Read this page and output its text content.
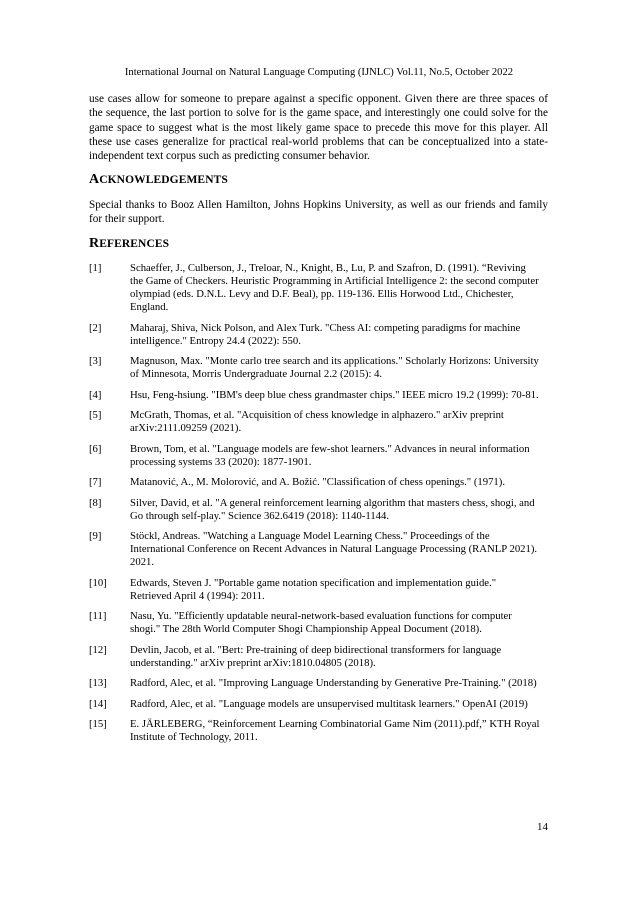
International Journal on Natural Language Computing (IJNLC) Vol.11, No.5, October 2022

use cases allow for someone to prepare against a specific opponent. Given there are three spaces of the sequence, the last portion to solve for is the game space, and interestingly one could solve for the game space to suggest what is the most likely game space to precede this move for this player. All these use cases generalize for practical real-world problems that can be conceptualized into a state-independent text corpus such as predicting consumer behavior.

ACKNOWLEDGEMENTS

Special thanks to Booz Allen Hamilton, Johns Hopkins University, as well as our friends and family for their support.

REFERENCES
[1]	Schaeffer, J., Culberson, J., Treloar, N., Knight, B., Lu, P. and Szafron, D. (1991). “Reviving the Game of Checkers. Heuristic Programming in Artificial Intelligence 2: the second computer olympiad (eds. D.N.L. Levy and D.F. Beal), pp. 119-136. Ellis Horwood Ltd., Chichester, England.
[2]	Maharaj, Shiva, Nick Polson, and Alex Turk. "Chess AI: competing paradigms for machine intelligence." Entropy 24.4 (2022): 550.
[3]	Magnuson, Max. "Monte carlo tree search and its applications." Scholarly Horizons: University of Minnesota, Morris Undergraduate Journal 2.2 (2015): 4.
[4]	Hsu, Feng-hsiung. "IBM's deep blue chess grandmaster chips." IEEE micro 19.2 (1999): 70-81.
[5]	McGrath, Thomas, et al. "Acquisition of chess knowledge in alphazero." arXiv preprint arXiv:2111.09259 (2021).
[6]	Brown, Tom, et al. "Language models are few-shot learners." Advances in neural information processing systems 33 (2020): 1877-1901.
[7]	Matanović, A., M. Molorović, and A. Božić. "Classification of chess openings." (1971).
[8]	Silver, David, et al. "A general reinforcement learning algorithm that masters chess, shogi, and Go through self-play." Science 362.6419 (2018): 1140-1144.
[9]	Stöckl, Andreas. "Watching a Language Model Learning Chess." Proceedings of the International Conference on Recent Advances in Natural Language Processing (RANLP 2021). 2021.
[10]	Edwards, Steven J. "Portable game notation specification and implementation guide." Retrieved April 4 (1994): 2011.
[11]	Nasu, Yu. "Efficiently updatable neural-network-based evaluation functions for computer shogi." The 28th World Computer Shogi Championship Appeal Document (2018).
[12]	Devlin, Jacob, et al. "Bert: Pre-training of deep bidirectional transformers for language understanding." arXiv preprint arXiv:1810.04805 (2018).
[13]	Radford, Alec, et al. "Improving Language Understanding by Generative Pre-Training." (2018)
[14]	Radford, Alec, et al. "Language models are unsupervised multitask learners." OpenAI (2019)
[15]	E. JÄRLEBERG, “Reinforcement Learning Combinatorial Game Nim (2011).pdf,” KTH Royal Institute of Technology, 2011.
14
